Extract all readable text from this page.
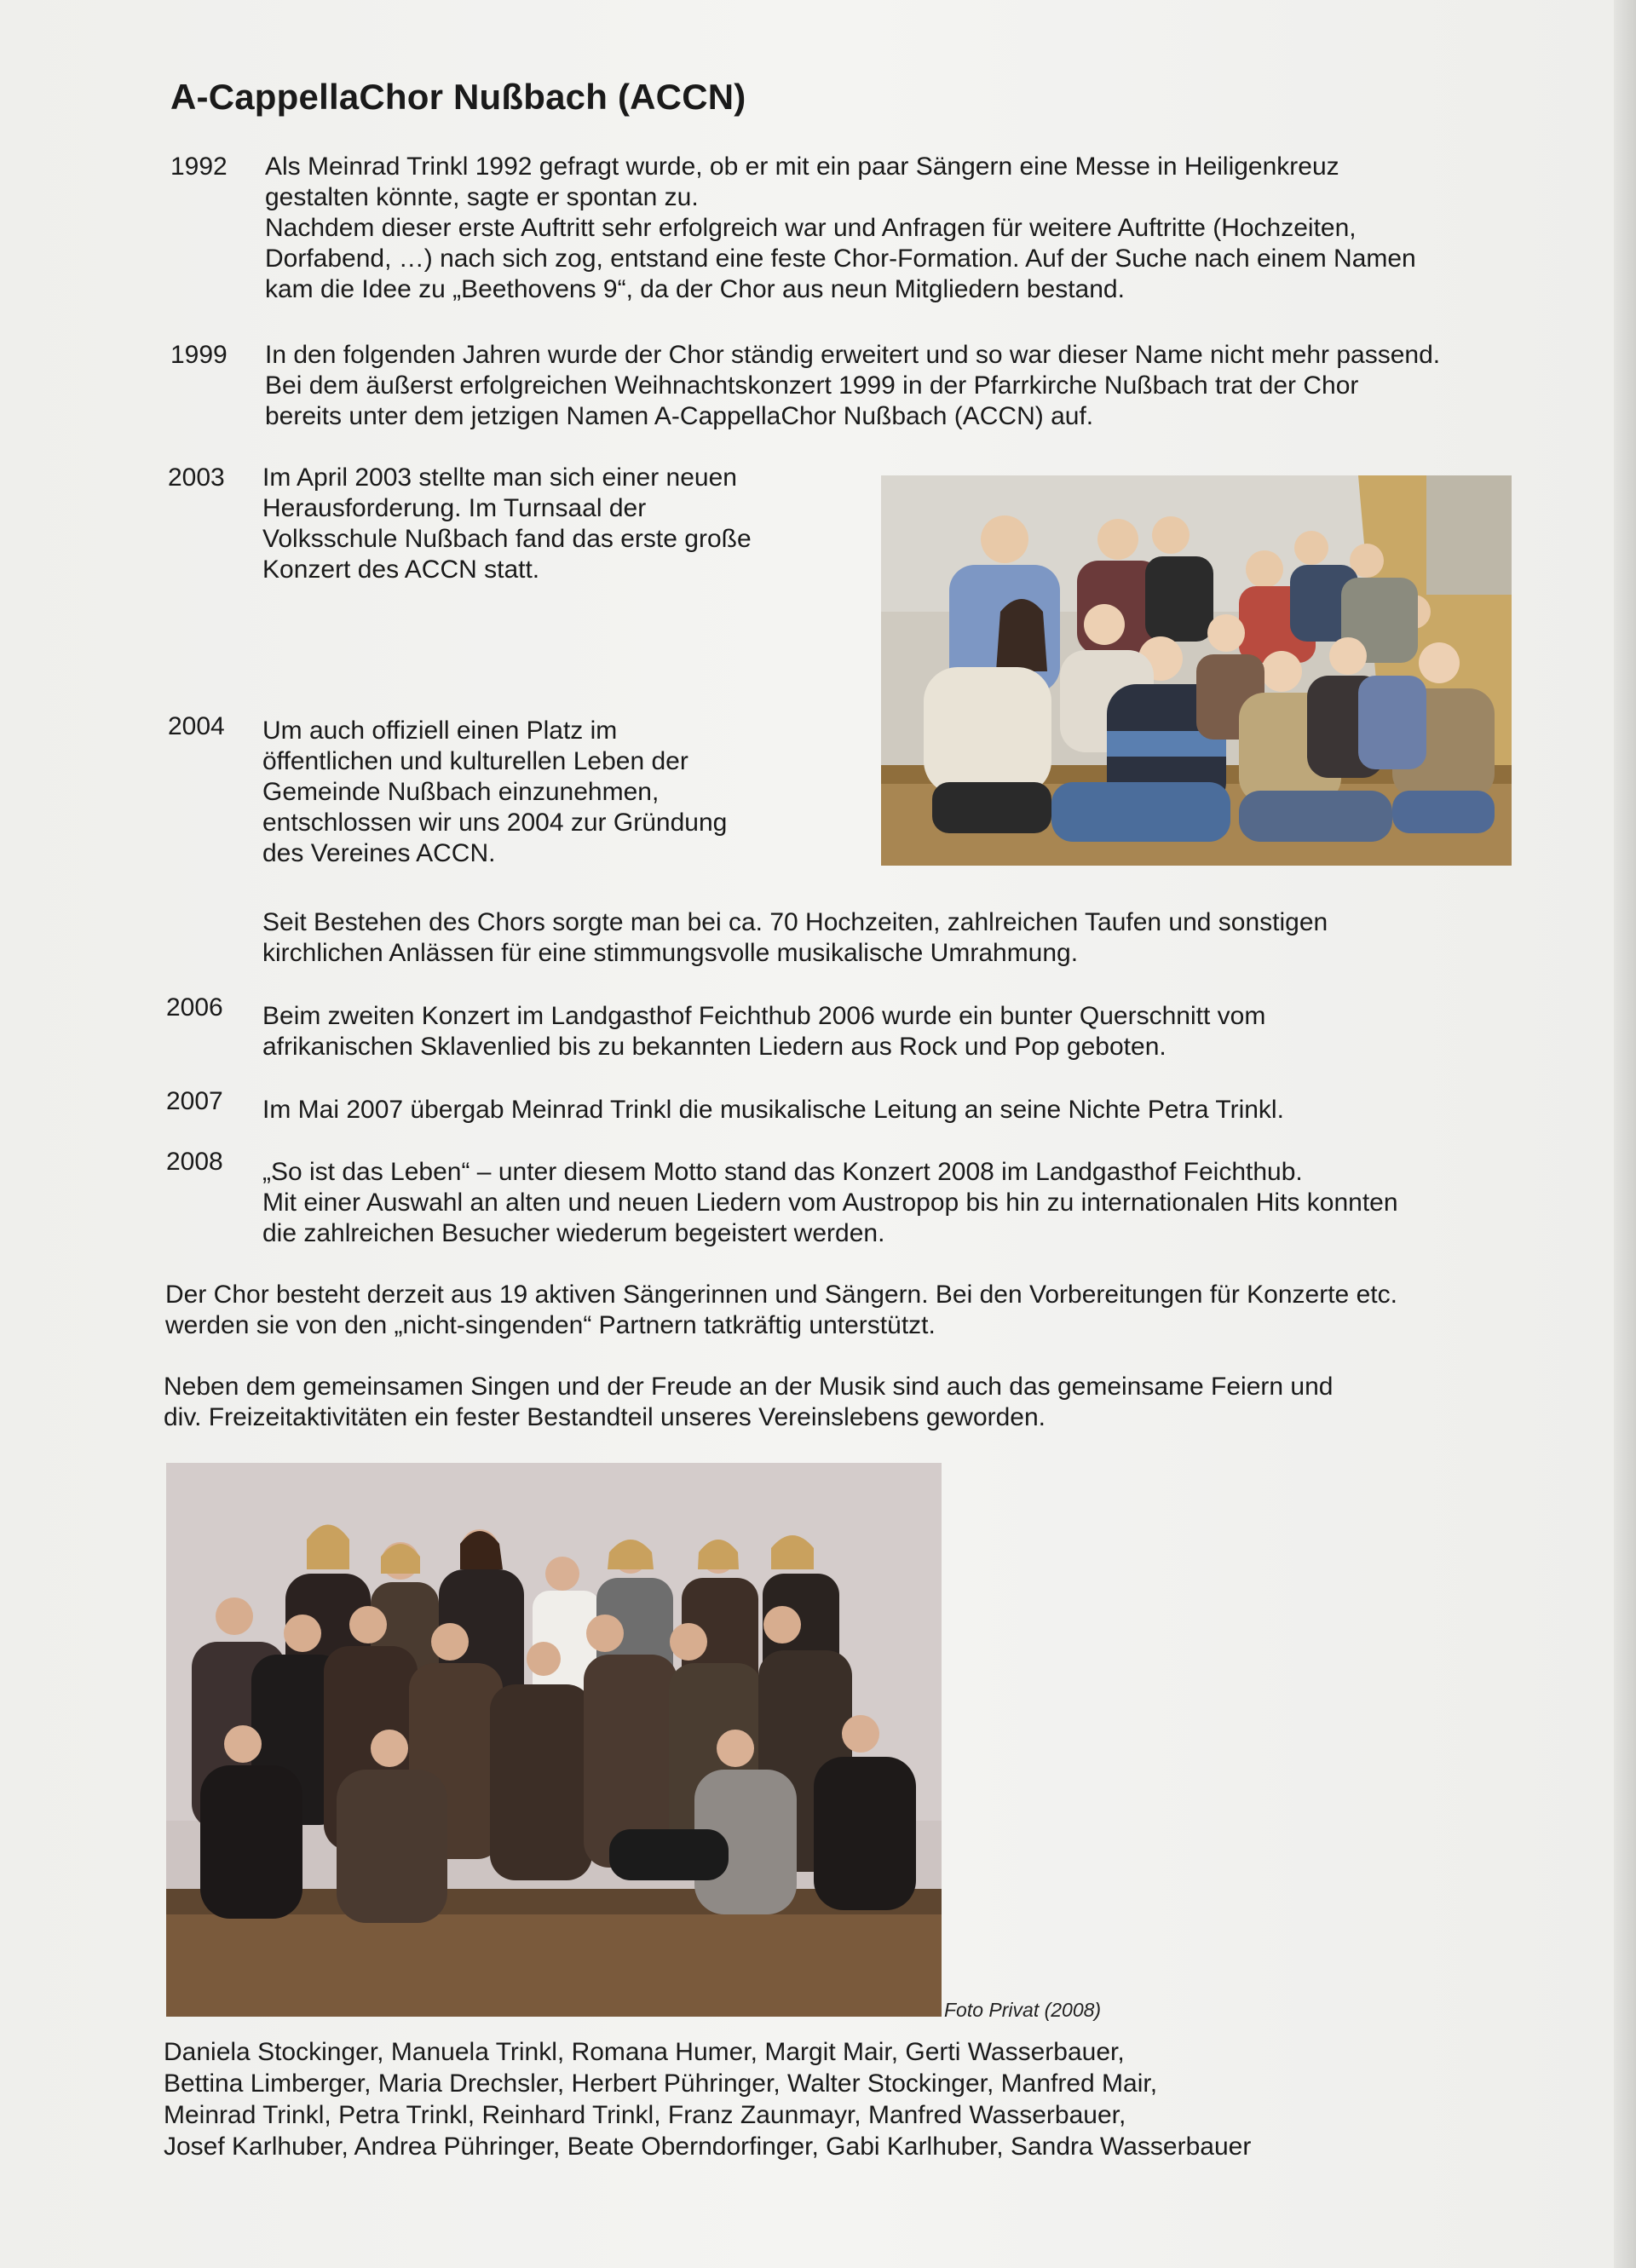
A-CappellaChor Nußbach (ACCN)
1992 Als Meinrad Trinkl 1992 gefragt wurde, ob er mit ein paar Sängern eine Messe in Heiligenkreuz

gestalten könnte, sagte er spontan zu.

Nachdem dieser erste Auftritt sehr erfolgreich war und Anfragen für weitere Auftritte (Hochzeiten,

Dorfabend, …) nach sich zog, entstand eine feste Chor-Formation. Auf der Suche nach einem Namen

kam die Idee zu „Beethovens 9“, da der Chor aus neun Mitgliedern bestand.

1999 In den folgenden Jahren wurde der Chor ständig erweitert und so war dieser Name nicht mehr passend.

Bei dem äußerst erfolgreichen Weihnachtskonzert 1999 in der Pfarrkirche Nußbach trat der Chor

bereits unter dem jetzigen Namen A-CappellaChor Nußbach (ACCN) auf.

2003 Im April 2003 stellte man sich einer neuen

Herausforderung. Im Turnsaal der

Volksschule Nußbach fand das erste große

Konzert des ACCN statt.

2004 Um auch offiziell einen Platz im

öffentlichen und kulturellen Leben der

Gemeinde Nußbach einzunehmen,

entschlossen wir uns 2004 zur Gründung

des Vereines ACCN.

Seit Bestehen des Chors sorgte man bei ca. 70 Hochzeiten, zahlreichen Taufen und sonstigen

kirchlichen Anlässen für eine stimmungsvolle musikalische Umrahmung.

2006 Beim zweiten Konzert im Landgasthof Feichthub 2006 wurde ein bunter Querschnitt vom

afrikanischen Sklavenlied bis zu bekannten Liedern aus Rock und Pop geboten.

2007 Im Mai 2007 übergab Meinrad Trinkl die musikalische Leitung an seine Nichte Petra Trinkl.

2008 „So ist das Leben“ – unter diesem Motto stand das Konzert 2008 im Landgasthof Feichthub.

Mit einer Auswahl an alten und neuen Liedern vom Austropop bis hin zu internationalen Hits konnten

die zahlreichen Besucher wiederum begeistert werden.

Der Chor besteht derzeit aus 19 aktiven Sängerinnen und Sängern. Bei den Vorbereitungen für Konzerte etc.

werden sie von den „nicht-singenden“ Partnern tatkräftig unterstützt.

Neben dem gemeinsamen Singen und der Freude an der Musik sind auch das gemeinsame Feiern und

div. Freizeitaktivitäten ein fester Bestandteil unseres Vereinslebens geworden.

Foto Privat (2008)
Daniela Stockinger, Manuela Trinkl, Romana Humer, Margit Mair, Gerti Wasserbauer,
Bettina Limberger, Maria Drechsler, Herbert Pühringer, Walter Stockinger, Manfred Mair,
Meinrad Trinkl, Petra Trinkl, Reinhard Trinkl, Franz Zaunmayr, Manfred Wasserbauer,
Josef Karlhuber, Andrea Pühringer, Beate Oberndorfinger, Gabi Karlhuber, Sandra Wasserbauer
